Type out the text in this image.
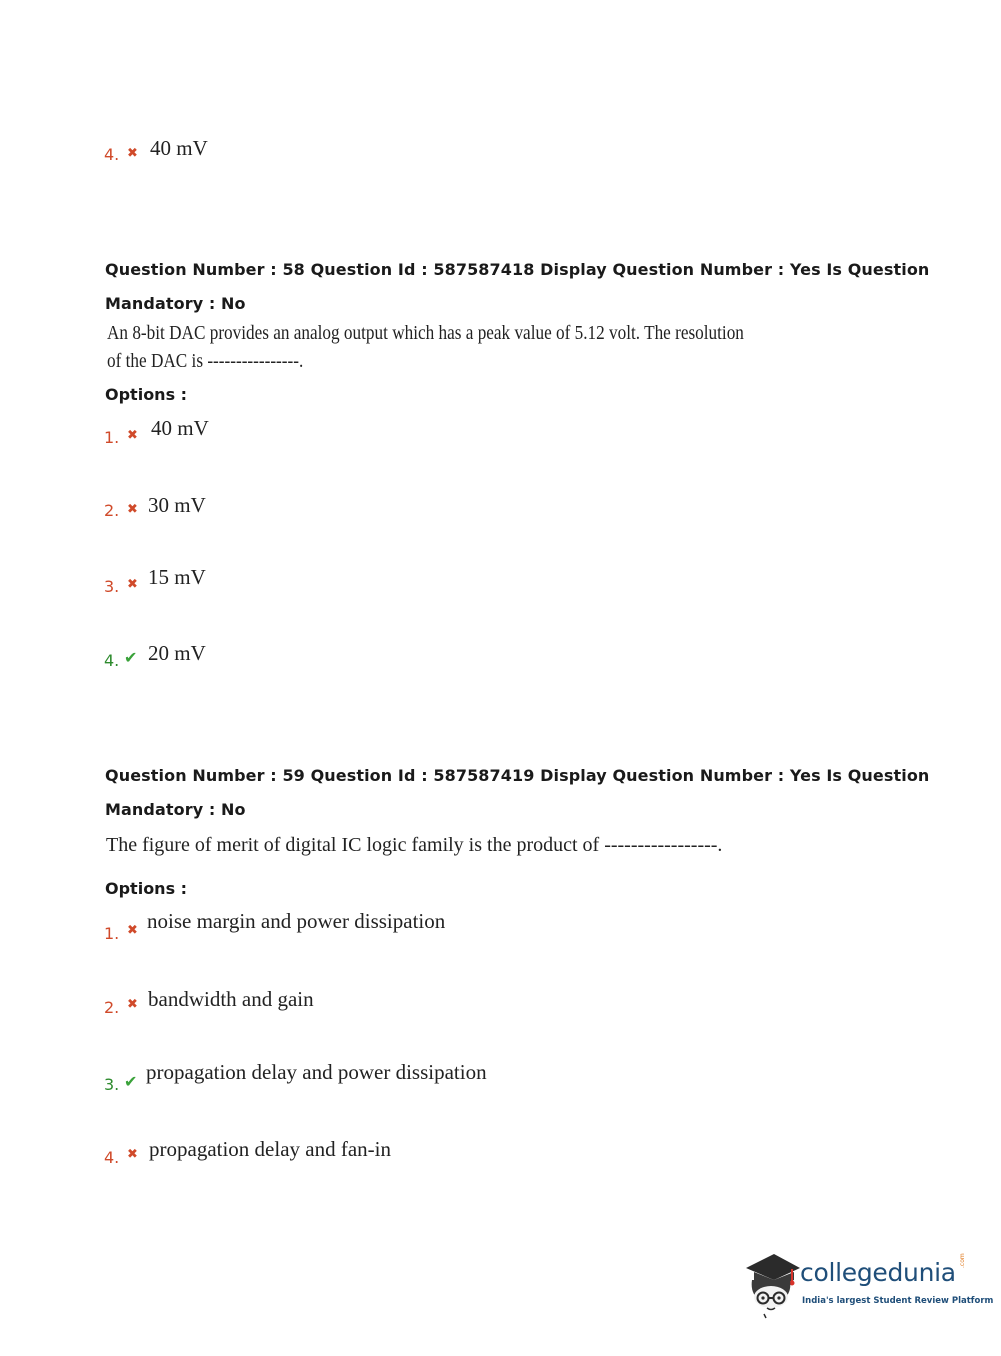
4. ✖ 40 mV
Question Number : 58 Question Id : 587587418 Display Question Number : Yes Is Question
Mandatory : No
An 8-bit DAC provides an analog output which has a peak value of 5.12 volt. The resolution
of the DAC is ----------------.
Options :
1. ✖ 40 mV
2. ✖ 30 mV
3. ✖ 15 mV
4. ✔ 20 mV
Question Number : 59 Question Id : 587587419 Display Question Number : Yes Is Question
Mandatory : No
The figure of merit of digital IC logic family is the product of -----------------.
Options :
1. ✖ noise margin and power dissipation
2. ✖ bandwidth and gain
3. ✔ propagation delay and power dissipation
4. ✖ propagation delay and fan-in
collegedunia .com
India's largest Student Review Platform
